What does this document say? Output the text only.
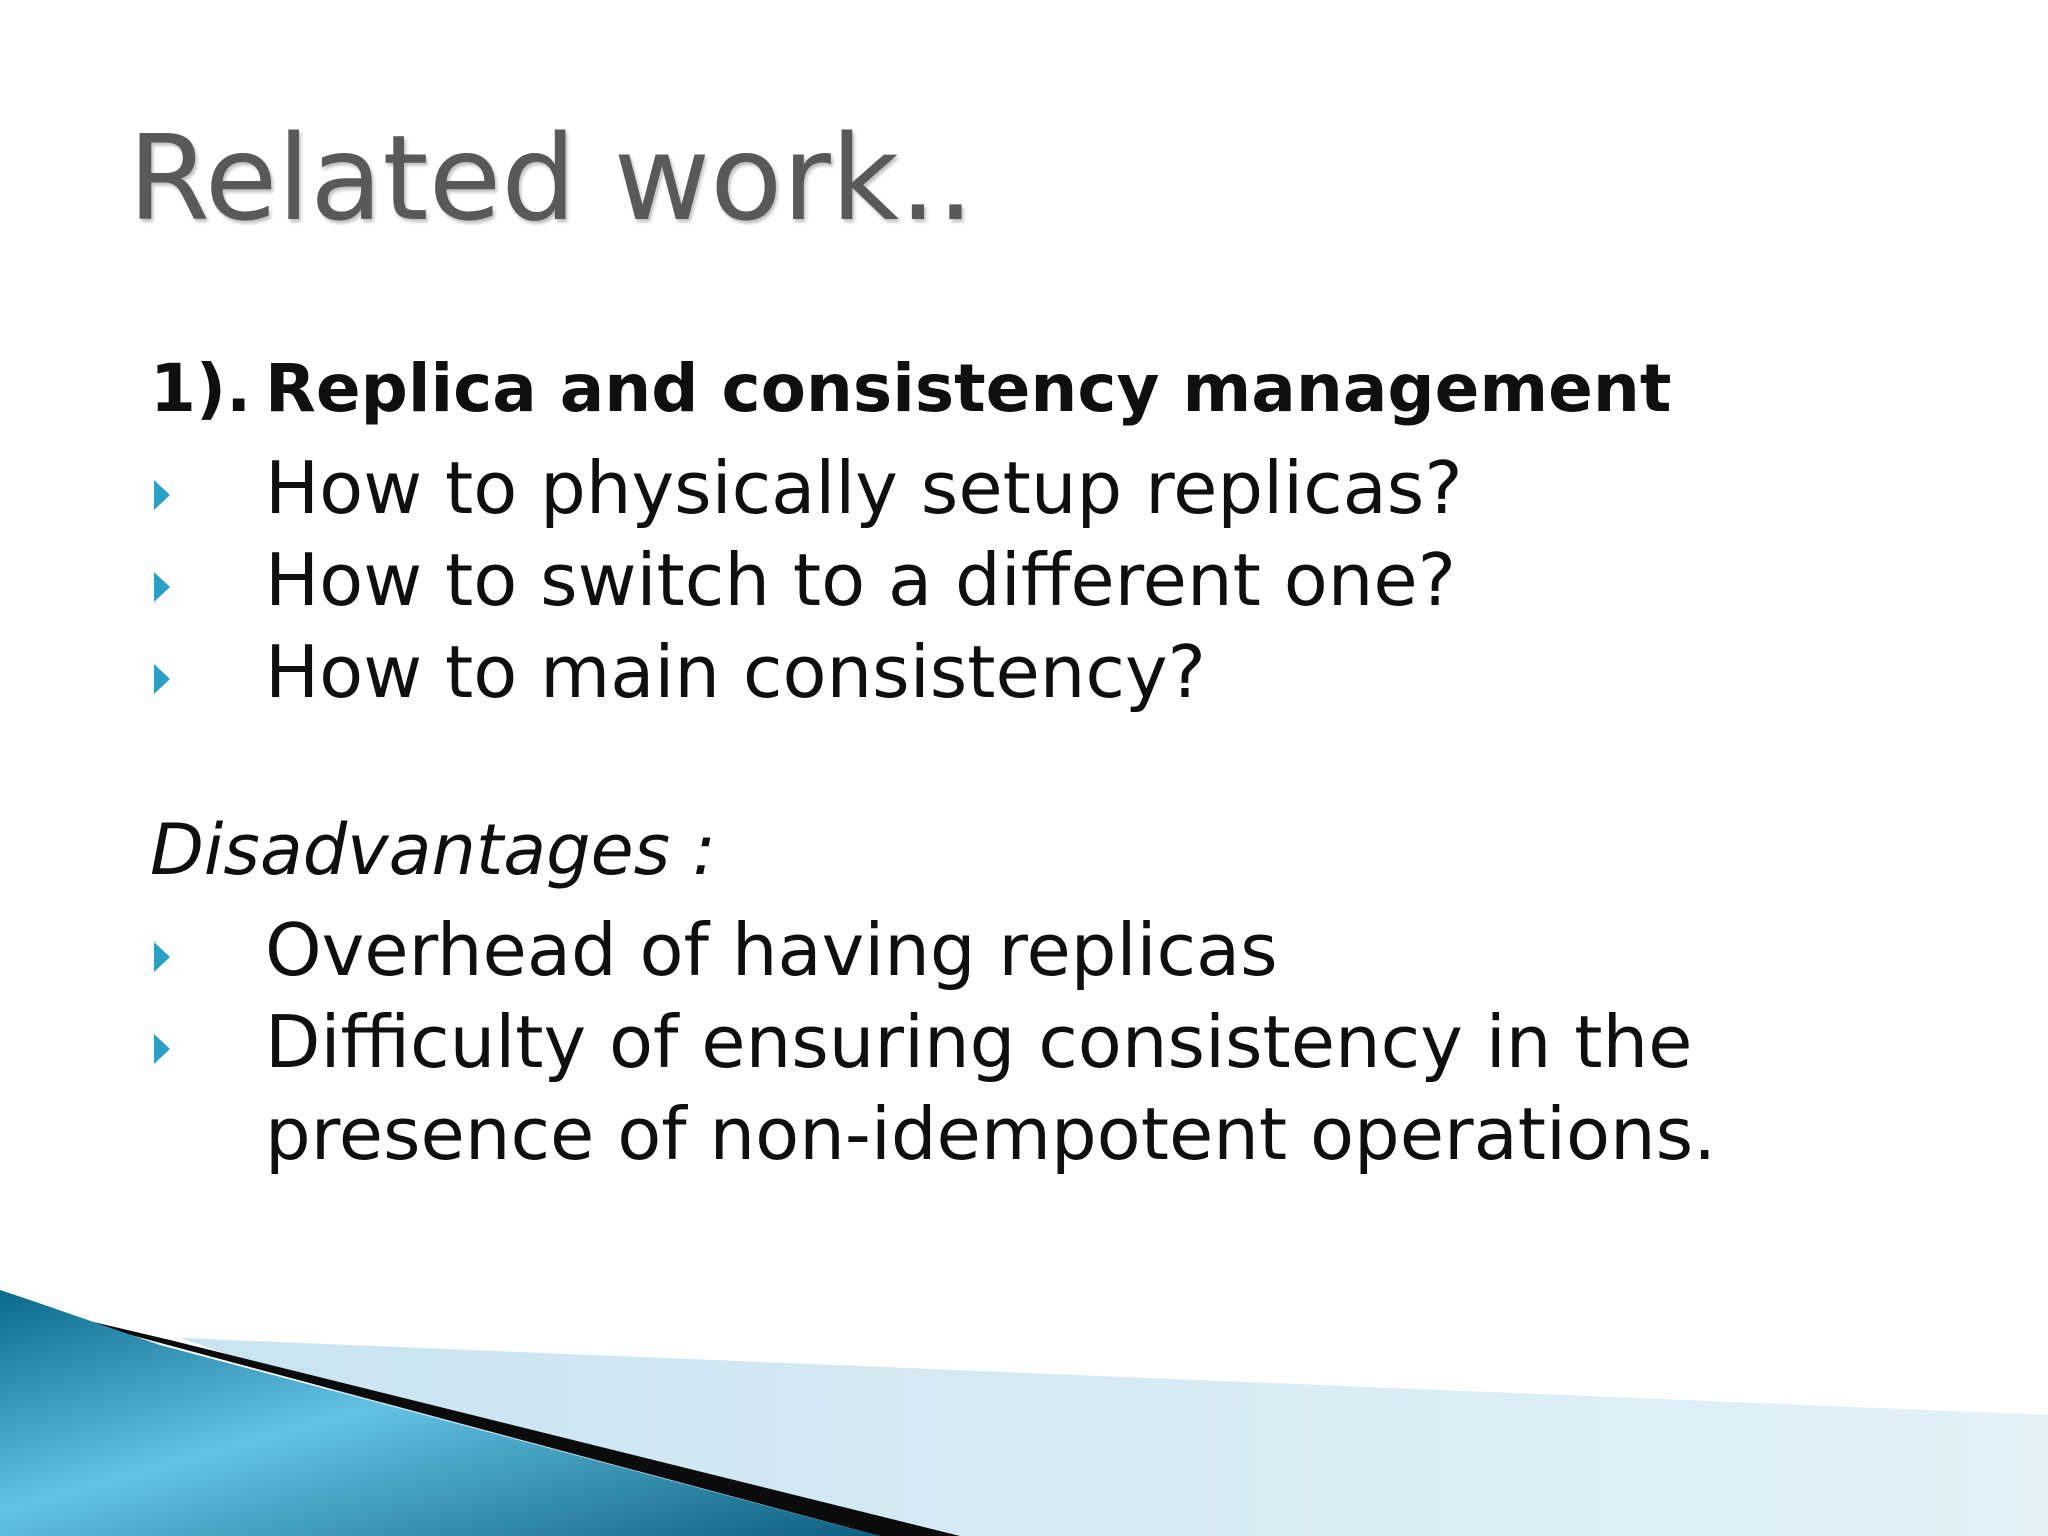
Related work..
1). Replica and consistency management
How to physically setup replicas?
How to switch to a different one?
How to main consistency?
Disadvantages :
Overhead of having replicas
Difficulty of ensuring consistency in the presence of non-idempotent operations.
